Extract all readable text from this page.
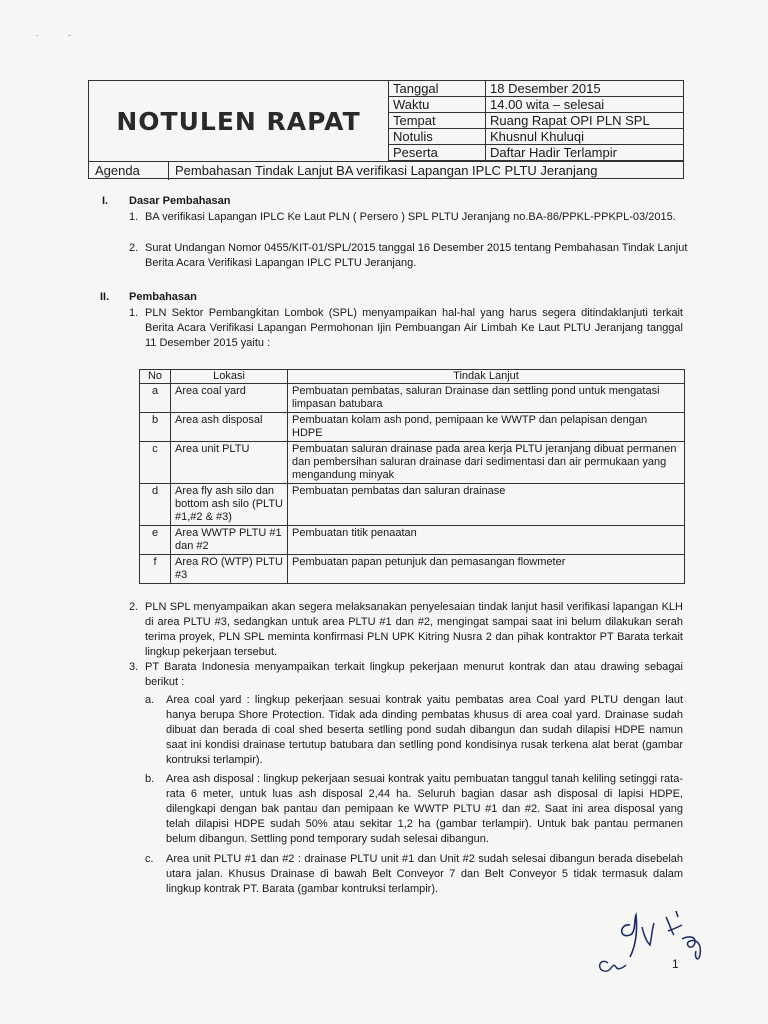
·	-
NOTULEN RAPAT
Tanggal	18 Desember 2015
Waktu	14.00 wita – selesai
Tempat	Ruang Rapat OPI PLN SPL
Notulis	Khusnul Khuluqi
Peserta	Daftar Hadir Terlampir
Agenda	Pembahasan Tindak Lanjut BA verifikasi Lapangan IPLC PLTU Jeranjang
I. Dasar Pembahasan
1. BA verifikasi Lapangan IPLC Ke Laut PLN ( Persero ) SPL PLTU Jeranjang no.BA-86/PPKL-PPKPL-03/2015.
2. Surat Undangan Nomor 0455/KIT-01/SPL/2015 tanggal 16 Desember 2015 tentang Pembahasan Tindak Lanjut Berita Acara Verifikasi Lapangan IPLC PLTU Jeranjang.
II. Pembahasan
1. PLN Sektor Pembangkitan Lombok (SPL) menyampaikan hal-hal yang harus segera ditindaklanjuti terkait Berita Acara Verifikasi Lapangan Permohonan Ijin Pembuangan Air Limbah Ke Laut PLTU Jeranjang tanggal 11 Desember 2015 yaitu :
No	Lokasi	Tindak Lanjut
a	Area coal yard	Pembuatan pembatas, saluran Drainase dan settling pond untuk mengatasi limpasan batubara
b	Area ash disposal	Pembuatan kolam ash pond, pemipaan ke WWTP dan pelapisan dengan HDPE
c	Area unit PLTU	Pembuatan saluran drainase pada area kerja PLTU jeranjang dibuat permanen dan pembersihan saluran drainase dari sedimentasi dan air permukaan yang mengandung minyak
d	Area fly ash silo dan bottom ash silo (PLTU #1,#2 & #3)	Pembuatan pembatas dan saluran drainase
e	Area WWTP PLTU #1 dan #2	Pembuatan titik penaatan
f	Area RO (WTP) PLTU #3	Pembuatan papan petunjuk dan pemasangan flowmeter
2. PLN SPL menyampaikan akan segera melaksanakan penyelesaian tindak lanjut hasil verifikasi lapangan KLH di area PLTU #3, sedangkan untuk area PLTU #1 dan #2, mengingat sampai saat ini belum dilakukan serah terima proyek, PLN SPL meminta konfirmasi PLN UPK Kitring Nusra 2 dan pihak kontraktor PT Barata terkait lingkup pekerjaan tersebut.
3. PT Barata Indonesia menyampaikan terkait lingkup pekerjaan menurut kontrak dan atau drawing sebagai berikut :
a. Area coal yard : lingkup pekerjaan sesuai kontrak yaitu pembatas area Coal yard PLTU dengan laut hanya berupa Shore Protection. Tidak ada dinding pembatas khusus di area coal yard. Drainase sudah dibuat dan berada di coal shed beserta setlling pond sudah dibangun dan sudah dilapisi HDPE namun saat ini kondisi drainase tertutup batubara dan setlling pond kondisinya rusak terkena alat berat (gambar kontruksi terlampir).
b. Area ash disposal : lingkup pekerjaan sesuai kontrak yaitu pembuatan tanggul tanah keliling setinggi rata-rata 6 meter, untuk luas ash disposal 2,44 ha. Seluruh bagian dasar ash disposal di lapisi HDPE, dilengkapi dengan bak pantau dan pemipaan ke WWTP PLTU #1 dan #2. Saat ini area disposal yang telah dilapisi HDPE sudah 50% atau sekitar 1,2 ha (gambar terlampir). Untuk bak pantau permanen belum dibangun. Settling pond temporary sudah selesai dibangun.
c. Area unit PLTU #1 dan #2 : drainase PLTU unit #1 dan Unit #2 sudah selesai dibangun berada disebelah utara jalan. Khusus Drainase di bawah Belt Conveyor 7 dan Belt Conveyor 5 tidak termasuk dalam lingkup kontrak PT. Barata (gambar kontruksi terlampir).
1
